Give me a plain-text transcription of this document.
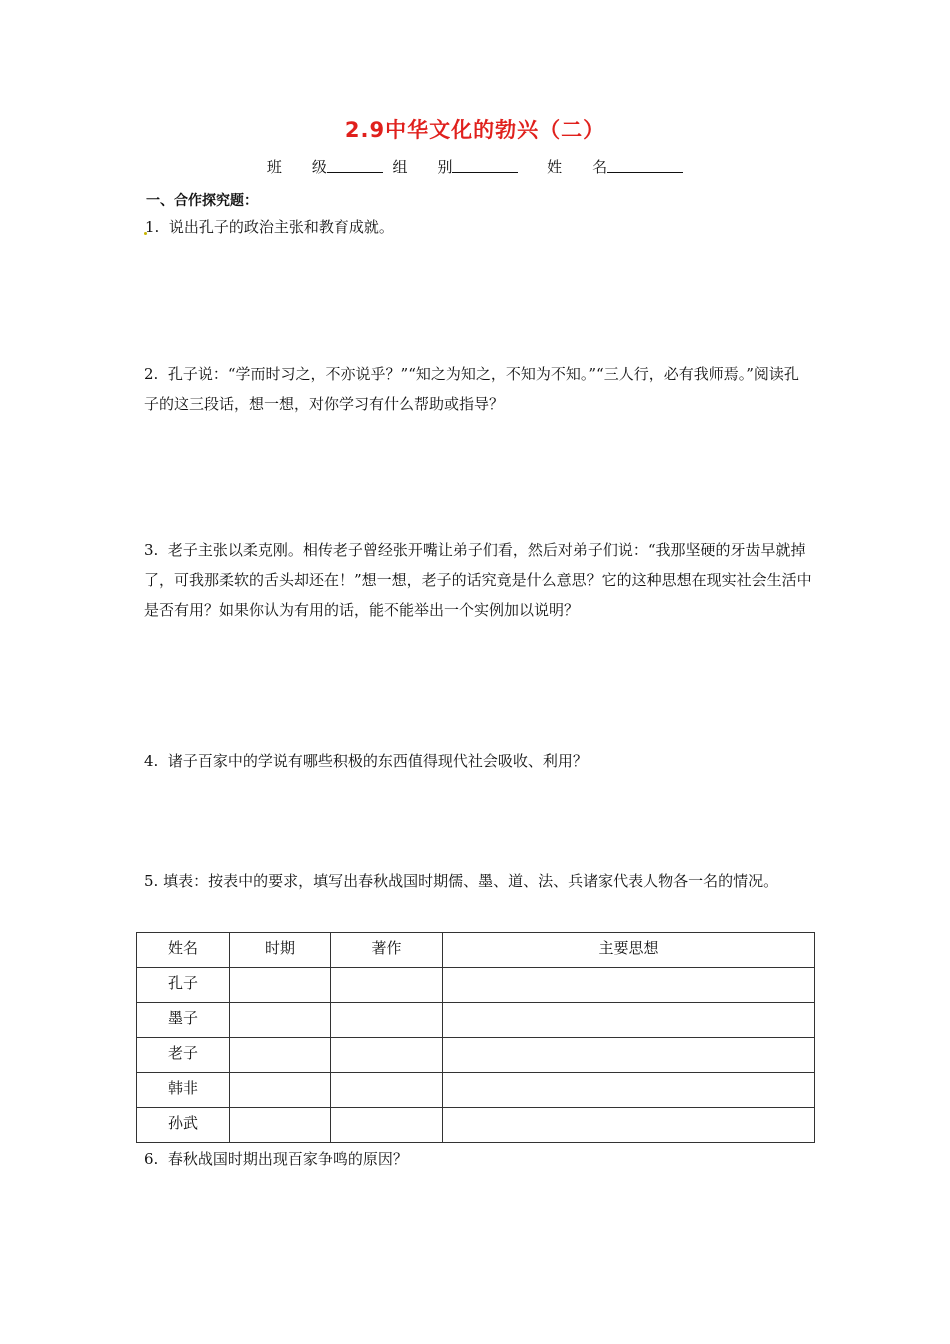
2.9中华文化的勃兴（二）
班　　级	组　　别	姓　　名
一、合作探究题：
1. 说出孔子的政治主张和教育成就。
2. 孔子说：“学而时习之，不亦说乎？”“知之为知之，不知为不知。”“三人行，必有我师焉。”阅读孔子的这三段话，想一想，对你学习有什么帮助或指导？
3. 老子主张以柔克刚。相传老子曾经张开嘴让弟子们看，然后对弟子们说：“我那坚硬的牙齿早就掉了，可我那柔软的舌头却还在！”想一想，老子的话究竟是什么意思？它的这种思想在现实社会生活中是否有用？如果你认为有用的话，能不能举出一个实例加以说明？
4. 诸子百家中的学说有哪些积极的东西值得现代社会吸收、利用？
5. 填表：按表中的要求，填写出春秋战国时期儒、墨、道、法、兵诸家代表人物各一名的情况。
姓名	时期	著作	主要思想

孔子			

墨子			

老子			

韩非			

孙武			

6. 春秋战国时期出现百家争鸣的原因？
